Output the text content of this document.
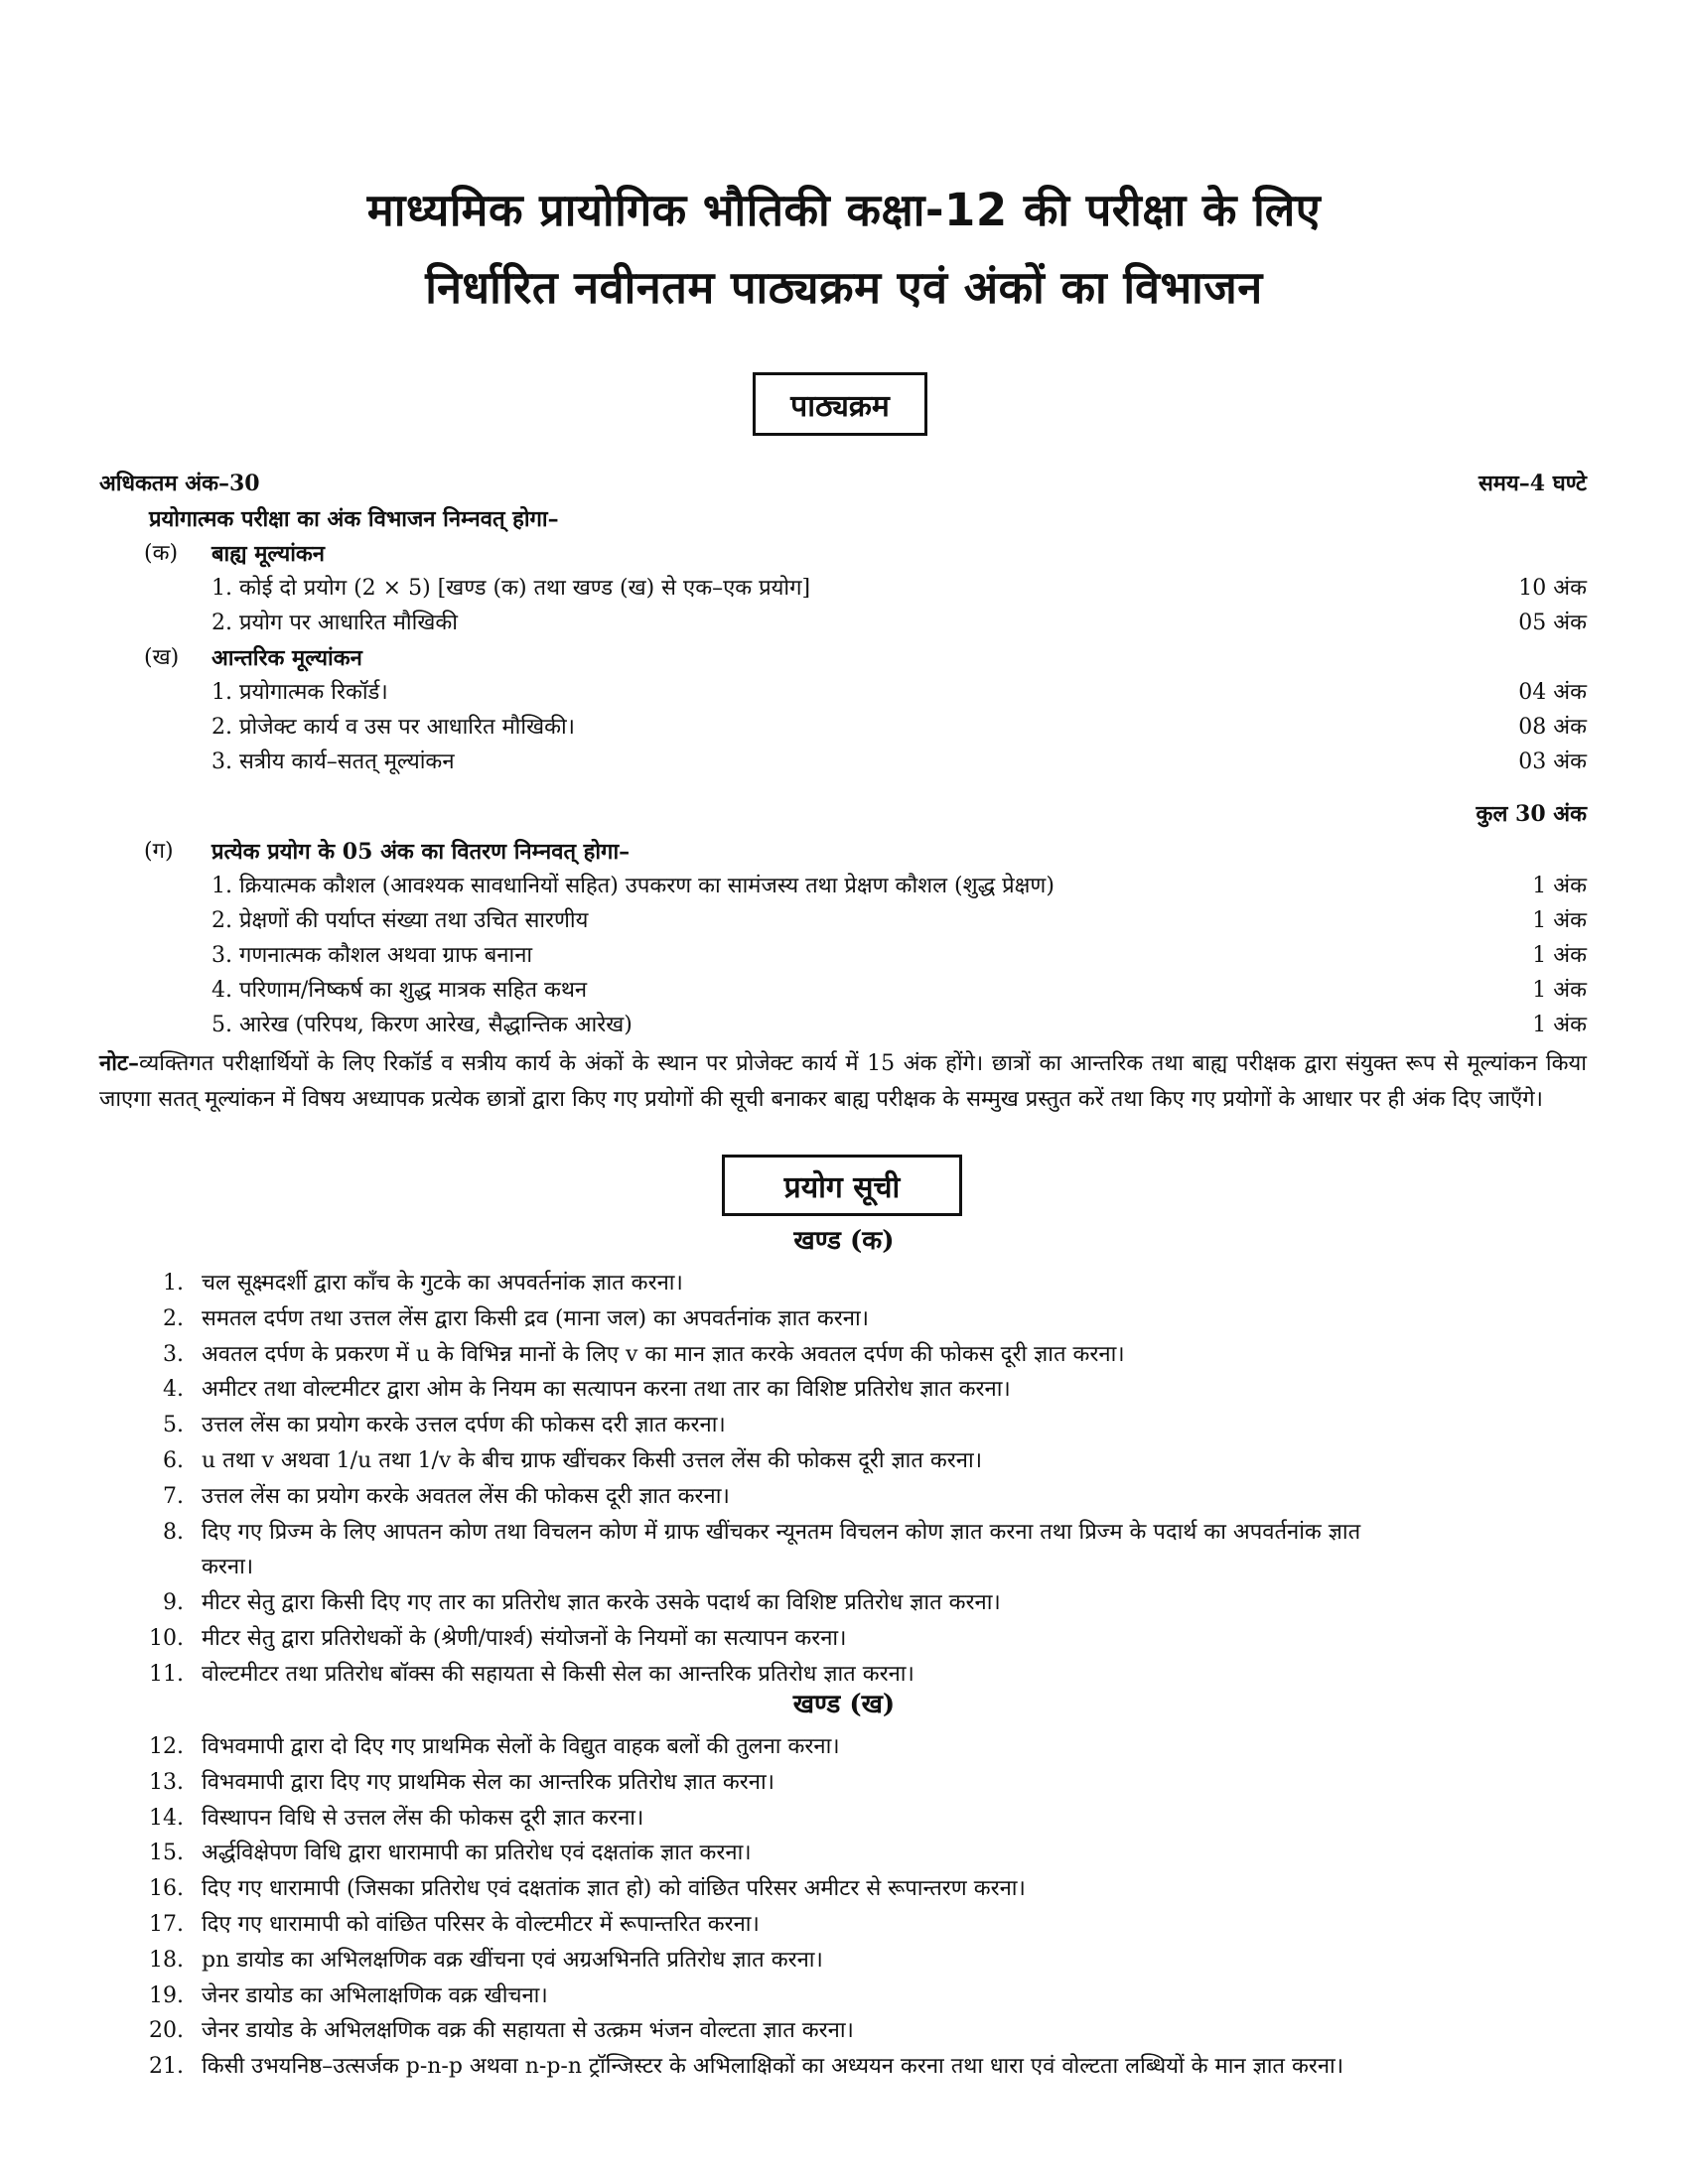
माध्यमिक प्रायोगिक भौतिकी कक्षा-12 की परीक्षा के लिए
निर्धारित नवीनतम पाठ्यक्रम एवं अंकों का विभाजन
पाठ्यक्रम
अधिकतम अंक–30	समय–4 घण्टे
प्रयोगात्मक परीक्षा का अंक विभाजन निम्नवत् होगा–
(क) बाह्य मूल्यांकन
1. कोई दो प्रयोग (2 × 5) [खण्ड (क) तथा खण्ड (ख) से एक–एक प्रयोग]	10 अंक
2. प्रयोग पर आधारित मौखिकी	05 अंक
(ख) आन्तरिक मूल्यांकन
1. प्रयोगात्मक रिकॉर्ड।	04 अंक
2. प्रोजेक्ट कार्य व उस पर आधारित मौखिकी।	08 अंक
3. सत्रीय कार्य–सतत् मूल्यांकन	03 अंक
कुल 30 अंक
(ग) प्रत्येक प्रयोग के 05 अंक का वितरण निम्नवत् होगा–
1. क्रियात्मक कौशल (आवश्यक सावधानियों सहित) उपकरण का सामंजस्य तथा प्रेक्षण कौशल (शुद्ध प्रेक्षण)	1 अंक
2. प्रेक्षणों की पर्याप्त संख्या तथा उचित सारणीय	1 अंक
3. गणनात्मक कौशल अथवा ग्राफ बनाना	1 अंक
4. परिणाम/निष्कर्ष का शुद्ध मात्रक सहित कथन	1 अंक
5. आरेख (परिपथ, किरण आरेख, सैद्धान्तिक आरेख)	1 अंक
नोट–व्यक्तिगत परीक्षार्थियों के लिए रिकॉर्ड व सत्रीय कार्य के अंकों के स्थान पर प्रोजेक्ट कार्य में 15 अंक होंगे। छात्रों का आन्तरिक तथा बाह्य परीक्षक द्वारा संयुक्त रूप से मूल्यांकन किया जाएगा सतत् मूल्यांकन में विषय अध्यापक प्रत्येक छात्रों द्वारा किए गए प्रयोगों की सूची बनाकर बाह्य परीक्षक के सम्मुख प्रस्तुत करें तथा किए गए प्रयोगों के आधार पर ही अंक दिए जाएँगे।
प्रयोग सूची
खण्ड (क)
1. चल सूक्ष्मदर्शी द्वारा काँच के गुटके का अपवर्तनांक ज्ञात करना।
2. समतल दर्पण तथा उत्तल लेंस द्वारा किसी द्रव (माना जल) का अपवर्तनांक ज्ञात करना।
3. अवतल दर्पण के प्रकरण में u के विभिन्न मानों के लिए v का मान ज्ञात करके अवतल दर्पण की फोकस दूरी ज्ञात करना।
4. अमीटर तथा वोल्टमीटर द्वारा ओम के नियम का सत्यापन करना तथा तार का विशिष्ट प्रतिरोध ज्ञात करना।
5. उत्तल लेंस का प्रयोग करके उत्तल दर्पण की फोकस दरी ज्ञात करना।
6. u तथा v अथवा 1/u तथा 1/v के बीच ग्राफ खींचकर किसी उत्तल लेंस की फोकस दूरी ज्ञात करना।
7. उत्तल लेंस का प्रयोग करके अवतल लेंस की फोकस दूरी ज्ञात करना।
8. दिए गए प्रिज्म के लिए आपतन कोण तथा विचलन कोण में ग्राफ खींचकर न्यूनतम विचलन कोण ज्ञात करना तथा प्रिज्म के पदार्थ का अपवर्तनांक ज्ञात
करना।
9. मीटर सेतु द्वारा किसी दिए गए तार का प्रतिरोध ज्ञात करके उसके पदार्थ का विशिष्ट प्रतिरोध ज्ञात करना।
10. मीटर सेतु द्वारा प्रतिरोधकों के (श्रेणी/पार्श्व) संयोजनों के नियमों का सत्यापन करना।
11. वोल्टमीटर तथा प्रतिरोध बॉक्स की सहायता से किसी सेल का आन्तरिक प्रतिरोध ज्ञात करना।
खण्ड (ख)
12. विभवमापी द्वारा दो दिए गए प्राथमिक सेलों के विद्युत वाहक बलों की तुलना करना।
13. विभवमापी द्वारा दिए गए प्राथमिक सेल का आन्तरिक प्रतिरोध ज्ञात करना।
14. विस्थापन विधि से उत्तल लेंस की फोकस दूरी ज्ञात करना।
15. अर्द्धविक्षेपण विधि द्वारा धारामापी का प्रतिरोध एवं दक्षतांक ज्ञात करना।
16. दिए गए धारामापी (जिसका प्रतिरोध एवं दक्षतांक ज्ञात हो) को वांछित परिसर अमीटर से रूपान्तरण करना।
17. दिए गए धारामापी को वांछित परिसर के वोल्टमीटर में रूपान्तरित करना।
18. pn डायोड का अभिलक्षणिक वक्र खींचना एवं अग्रअभिनति प्रतिरोध ज्ञात करना।
19. जेनर डायोड का अभिलाक्षणिक वक्र खीचना।
20. जेनर डायोड के अभिलक्षणिक वक्र की सहायता से उत्क्रम भंजन वोल्टता ज्ञात करना।
21. किसी उभयनिष्ठ–उत्सर्जक p-n-p अथवा n-p-n ट्रॉन्जिस्टर के अभिलाक्षिकों का अध्ययन करना तथा धारा एवं वोल्टता लब्धियों के मान ज्ञात करना।
